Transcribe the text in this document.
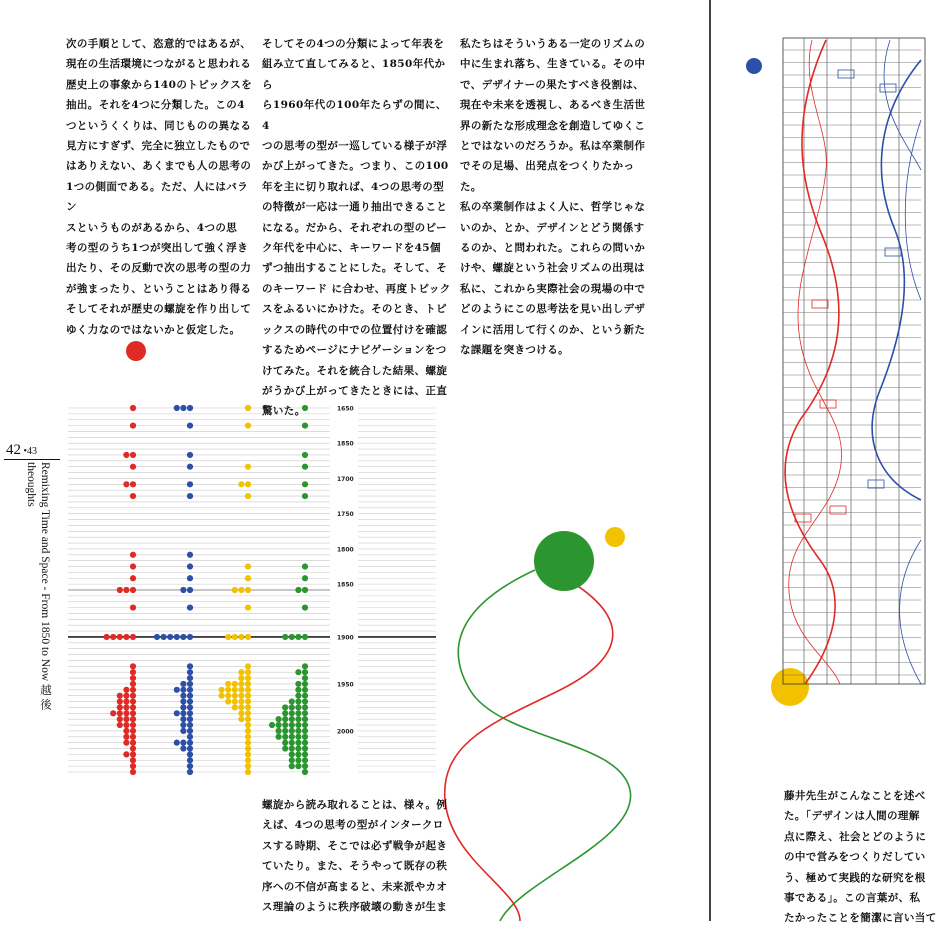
1650
1850
1700
1750
1800
1850
1900
1950
2000
次の手順として、恣意的ではあるが、
現在の生活環境につながると思われる
歴史上の事象から140のトピックスを
抽出。それを4つに分類した。この4
つというくくりは、同じものの異なる
見方にすぎず、完全に独立したもので
はありえない、あくまでも人の思考の
1つの側面である。ただ、人にはバラン
スというものがあるから、4つの思
考の型のうち1つが突出して強く浮き
出たり、その反動で次の思考の型の力
が強まったり、ということはあり得る
そしてそれが歴史の螺旋を作り出して
ゆく力なのではないかと仮定した。
そしてその4つの分類によって年表を
組み立て直してみると、1850年代から
ら1960年代の100年たらずの間に、4
つの思考の型が一巡している様子が浮
かび上がってきた。つまり、この100
年を主に切り取れば、4つの思考の型
の特徴が一応は一通り抽出できること
になる。だから、それぞれの型のピー
ク年代を中心に、キーワードを45個
ずつ抽出することにした。そして、そ
のキーワード に合わせ、再度トピック
スをふるいにかけた。そのとき、トピ
ックスの時代の中での位置付けを確認
するためページにナビゲーションをつ
けてみた。それを統合した結果、螺旋
がうかび上がってきたときには、正直
驚いた。
私たちはそういうある一定のリズムの
中に生まれ落ち、生きている。その中
で、デザイナーの果たすべき役割は、
現在や未来を透視し、あるべき生活世
界の新たな形成理念を創造してゆくこ
とではないのだろうか。私は卒業制作
でその足場、出発点をつくりたかった。
私の卒業制作はよく人に、哲学じゃな
いのか、とか、デザインとどう関係す
るのか、と問われた。これらの問いか
けや、螺旋という社会リズムの出現は
私に、これから実際社会の現場の中で
どのようにこの思考法を見い出しデザ
インに活用して行くのか、という新た
な課題を突きつける。
螺旋から読み取れることは、様々。例
えば、4つの思考の型がインタークロ
スする時期、そこでは必ず戦争が起き
ていたり。また、そうやって既存の秩
序への不信が高まると、未来派やカオ
ス理論のように秩序破壊の動きが生ま
藤井先生がこんなことを述べ
た。「デザインは人間の理解
点に際え、社会とどのように
の中で営みをつくりだしてい
う、極めて実践的な研究を根
事である」。この言葉が、私
たかったことを簡潔に言い当て
42 •43
Remixing Time and Space - From 1850 to Now 越 後
theoughts
